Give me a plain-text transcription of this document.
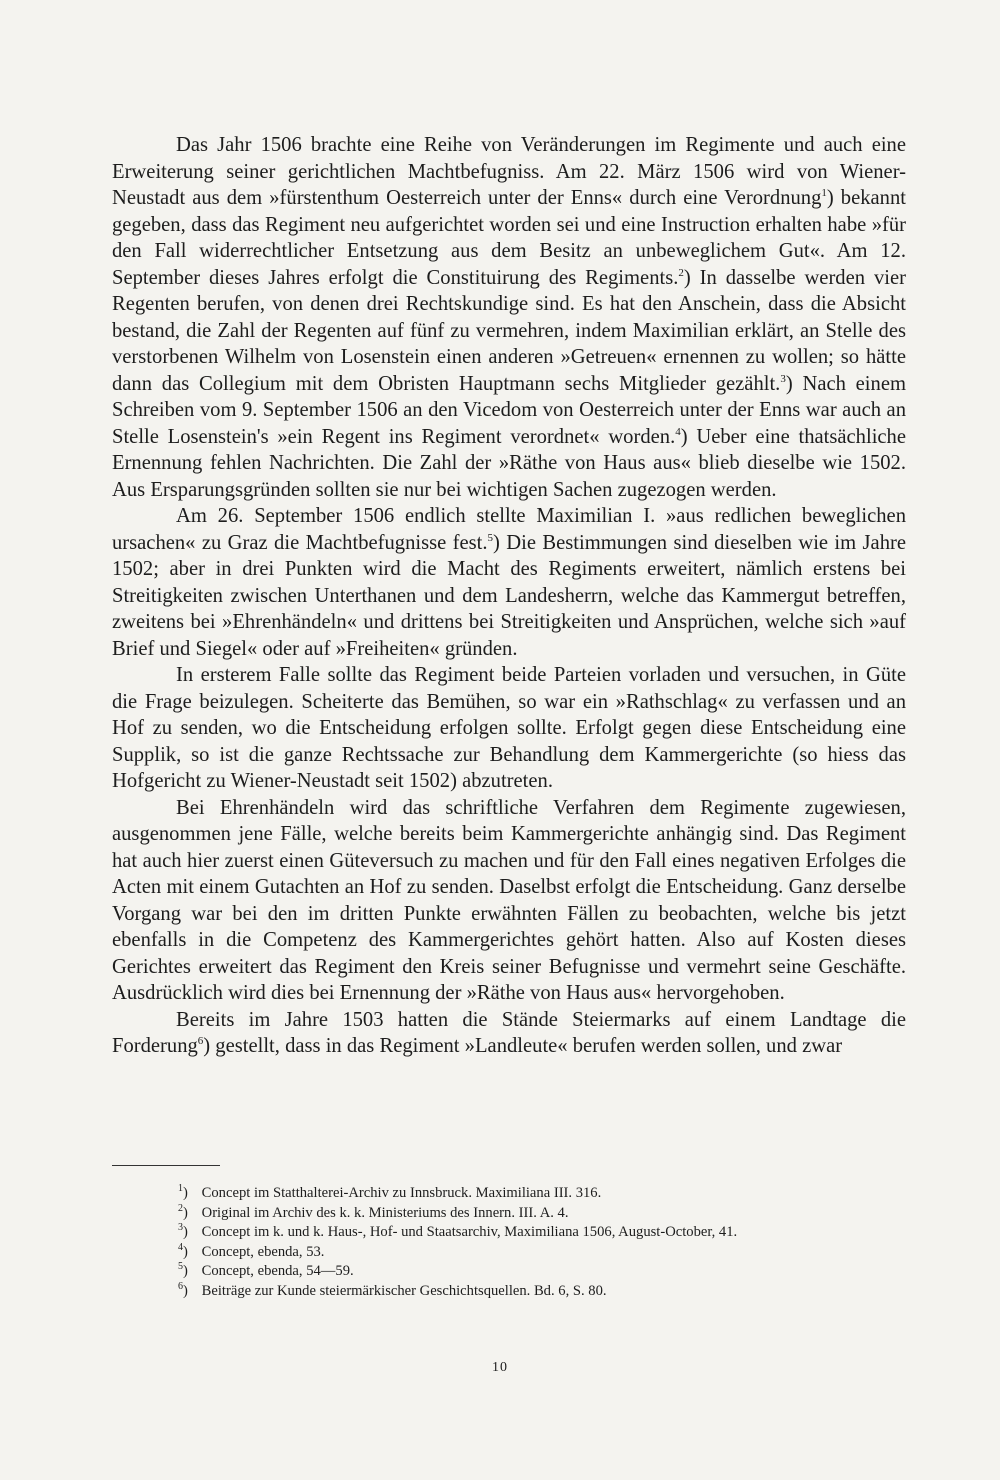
Das Jahr 1506 brachte eine Reihe von Veränderungen im Regimente und auch eine Erweiterung seiner gerichtlichen Machtbefugniss. Am 22. März 1506 wird von Wiener-Neustadt aus dem »fürstenthum Oesterreich unter der Enns« durch eine Verordnung$^1$) bekannt gegeben, dass das Regiment neu aufgerichtet worden sei und eine Instruction erhalten habe »für den Fall widerrechtlicher Entsetzung aus dem Besitz an unbeweglichem Gut«. Am 12. September dieses Jahres erfolgt die Constituirung des Regiments.$^2$) In dasselbe werden vier Regenten berufen, von denen drei Rechtskundige sind. Es hat den Anschein, dass die Absicht bestand, die Zahl der Regenten auf fünf zu vermehren, indem Maximilian erklärt, an Stelle des verstorbenen Wilhelm von Losenstein einen anderen »Getreuen« ernennen zu wollen; so hätte dann das Collegium mit dem Obristen Hauptmann sechs Mitglieder gezählt.$^3$) Nach einem Schreiben vom 9. September 1506 an den Vicedom von Oesterreich unter der Enns war auch an Stelle Losenstein's »ein Regent ins Regiment verordnet« worden.$^4$) Ueber eine thatsächliche Ernennung fehlen Nachrichten. Die Zahl der »Räthe von Haus aus« blieb dieselbe wie 1502. Aus Ersparungsgründen sollten sie nur bei wichtigen Sachen zugezogen werden.

Am 26. September 1506 endlich stellte Maximilian I. »aus redlichen beweglichen ursachen« zu Graz die Machtbefugnisse fest.$^5$) Die Bestimmungen sind dieselben wie im Jahre 1502; aber in drei Punkten wird die Macht des Regiments erweitert, nämlich erstens bei Streitigkeiten zwischen Unterthanen und dem Landesherrn, welche das Kammergut betreffen, zweitens bei »Ehrenhändeln« und drittens bei Streitigkeiten und Ansprüchen, welche sich »auf Brief und Siegel« oder auf »Freiheiten« gründen.

In ersterem Falle sollte das Regiment beide Parteien vorladen und versuchen, in Güte die Frage beizulegen. Scheiterte das Bemühen, so war ein »Rathschlag« zu verfassen und an Hof zu senden, wo die Entscheidung erfolgen sollte. Erfolgt gegen diese Entscheidung eine Supplik, so ist die ganze Rechtssache zur Behandlung dem Kammergerichte (so hiess das Hofgericht zu Wiener-Neustadt seit 1502) abzutreten.

Bei Ehrenhändeln wird das schriftliche Verfahren dem Regimente zugewiesen, ausgenommen jene Fälle, welche bereits beim Kammergerichte anhängig sind. Das Regiment hat auch hier zuerst einen Güteversuch zu machen und für den Fall eines negativen Erfolges die Acten mit einem Gutachten an Hof zu senden. Daselbst erfolgt die Entscheidung. Ganz derselbe Vorgang war bei den im dritten Punkte erwähnten Fällen zu beobachten, welche bis jetzt ebenfalls in die Competenz des Kammergerichtes gehört hatten. Also auf Kosten dieses Gerichtes erweitert das Regiment den Kreis seiner Befugnisse und vermehrt seine Geschäfte. Ausdrücklich wird dies bei Ernennung der »Räthe von Haus aus« hervorgehoben.

Bereits im Jahre 1503 hatten die Stände Steiermarks auf einem Landtage die Forderung$^6$) gestellt, dass in das Regiment »Landleute« berufen werden sollen, und zwar

$^1$) Concept im Statthalterei-Archiv zu Innsbruck. Maximiliana III. 316.

$^2$) Original im Archiv des k. k. Ministeriums des Innern. III. A. 4.

$^3$) Concept im k. und k. Haus-, Hof- und Staatsarchiv, Maximiliana 1506, August-October, 41.

$^4$) Concept, ebenda, 53.

$^5$) Concept, ebenda, 54—59.

$^6$) Beiträge zur Kunde steiermärkischer Geschichtsquellen. Bd. 6, S. 80.

10
